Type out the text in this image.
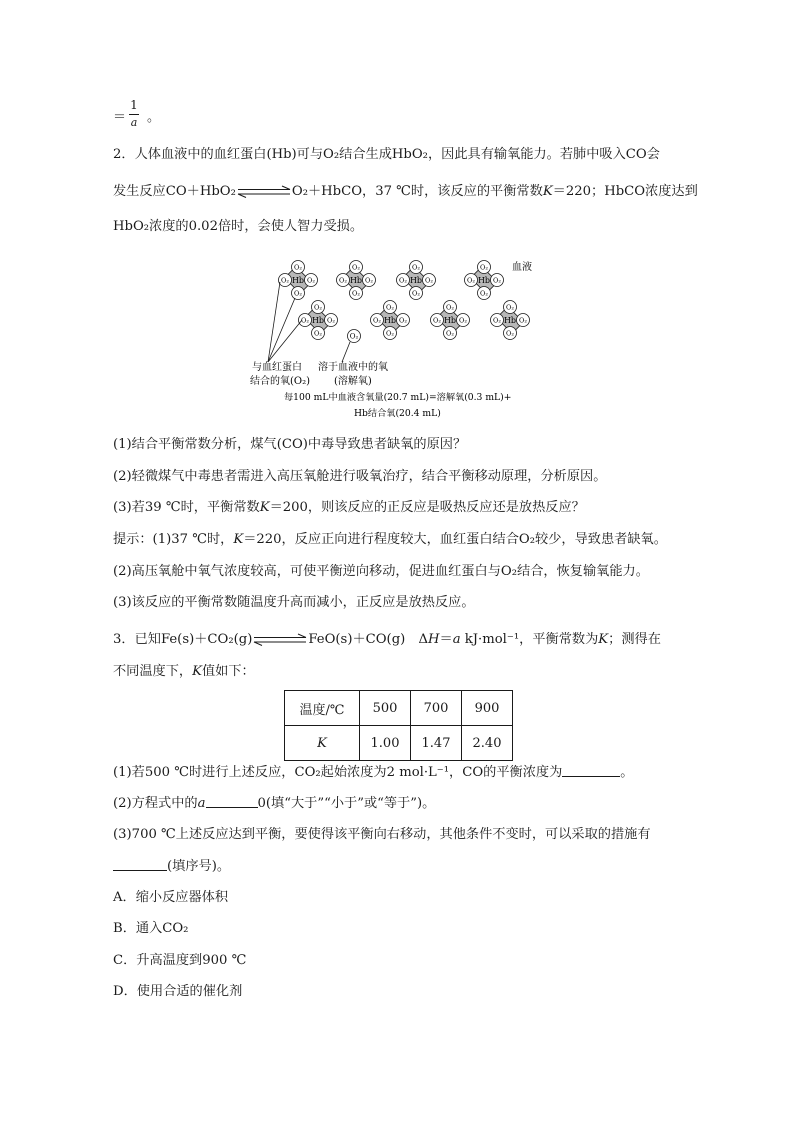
＝
1
a 。
2．人体血液中的血红蛋白(Hb)可与O₂结合生成HbO₂，因此具有输氧能力。若肺中吸入CO会
发生反应CO＋HbO₂	O₂＋HbCO，37 ℃时，该反应的平衡常数K＝220；HbCO浓度达到
HbO₂浓度的0.02倍时，会使人智力受损。
Hb
O₂
O₂
O₂	O₂	Hb
O₂
O₂
O₂	O₂	Hb
O₂
O₂
O₂	O₂	Hb
O₂
O₂
O₂	O₂
Hb
O₂
O₂
O₂	O₂	Hb
O₂
O₂
O₂	O₂	Hb
O₂
O₂
O₂	O₂	Hb
O₂
O₂
O₂	O₂
O₂
血液
与血红蛋白
结合的氧(O₂)
溶于血液中的氧
(溶解氧)
每100 mL中血液含氧量(20.7 mL)=溶解氧(0.3 mL)+
Hb结合氧(20.4 mL)
(1)结合平衡常数分析，煤气(CO)中毒导致患者缺氧的原因？
(2)轻微煤气中毒患者需进入高压氧舱进行吸氧治疗，结合平衡移动原理，分析原因。
(3)若39 ℃时，平衡常数K＝200，则该反应的正反应是吸热反应还是放热反应？
提示：(1)37 ℃时，K＝220，反应正向进行程度较大，血红蛋白结合O₂较少，导致患者缺氧。
(2)高压氧舱中氧气浓度较高，可使平衡逆向移动，促进血红蛋白与O₂结合，恢复输氧能力。
(3)该反应的平衡常数随温度升高而减小，正反应是放热反应。
3．已知Fe(s)＋CO₂(g)	FeO(s)＋CO(g)　ΔH＝a kJ·mol⁻¹，平衡常数为K；测得在
不同温度下，K值如下：
温度/℃	500	700	900
K	1.00	1.47	2.40
(1)若500 ℃时进行上述反应，CO₂起始浓度为2 mol·L⁻¹，CO的平衡浓度为	。
(2)方程式中的a	0(填“大于”“小于”或“等于”)。
(3)700 ℃上述反应达到平衡，要使得该平衡向右移动，其他条件不变时，可以采取的措施有
(填序号)。
A．缩小反应器体积
B．通入CO₂
C．升高温度到900 ℃
D．使用合适的催化剂
